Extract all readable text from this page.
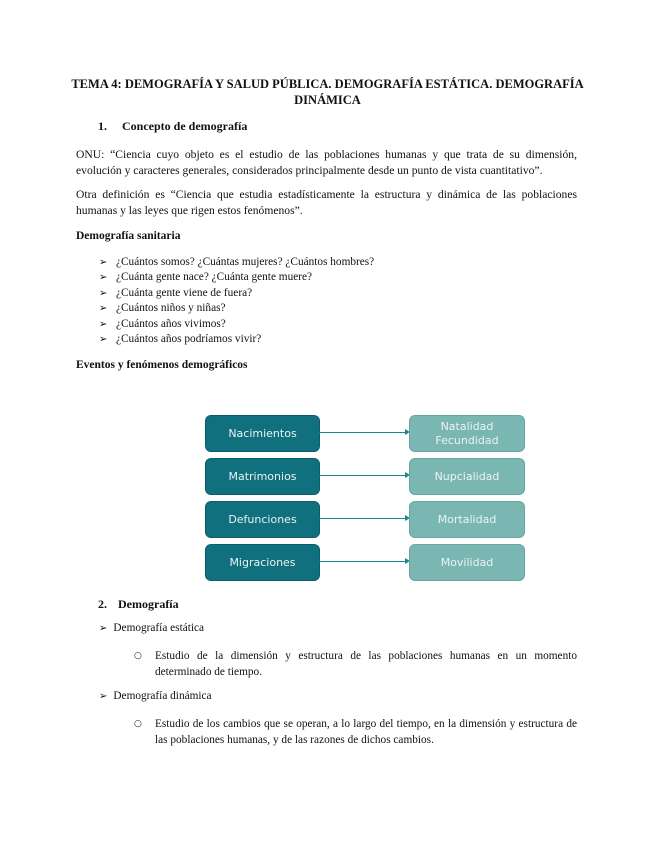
TEMA 4: DEMOGRAFÍA Y SALUD PÚBLICA. DEMOGRAFÍA ESTÁTICA. DEMOGRAFÍA DINÁMICA
1. Concepto de demografía
ONU: “Ciencia cuyo objeto es el estudio de las poblaciones humanas y que trata de su dimensión, evolución y caracteres generales, considerados principalmente desde un punto de vista cuantitativo”.
Otra definición es “Ciencia que estudia estadísticamente la estructura y dinámica de las poblaciones humanas y las leyes que rigen estos fenómenos”.
Demografía sanitaria
➢ ¿Cuántos somos? ¿Cuántas mujeres? ¿Cuántos hombres?
➢ ¿Cuánta gente nace? ¿Cuánta gente muere?
➢ ¿Cuánta gente viene de fuera?
➢ ¿Cuántos niños y niñas?
➢ ¿Cuántos años vivimos?
➢ ¿Cuántos años podríamos vivir?
Eventos y fenómenos demográficos
Nacimientos
Matrimonios
Defunciones
Migraciones
Natalidad
Fecundidad
Nupcialidad
Mortalidad
Movilidad
2. Demografía
➢ Demografía estática
○ Estudio de la dimensión y estructura de las poblaciones humanas en un momento determinado de tiempo.
➢ Demografía dinámica
○ Estudio de los cambios que se operan, a lo largo del tiempo, en la dimensión y estructura de las poblaciones humanas, y de las razones de dichos cambios.
